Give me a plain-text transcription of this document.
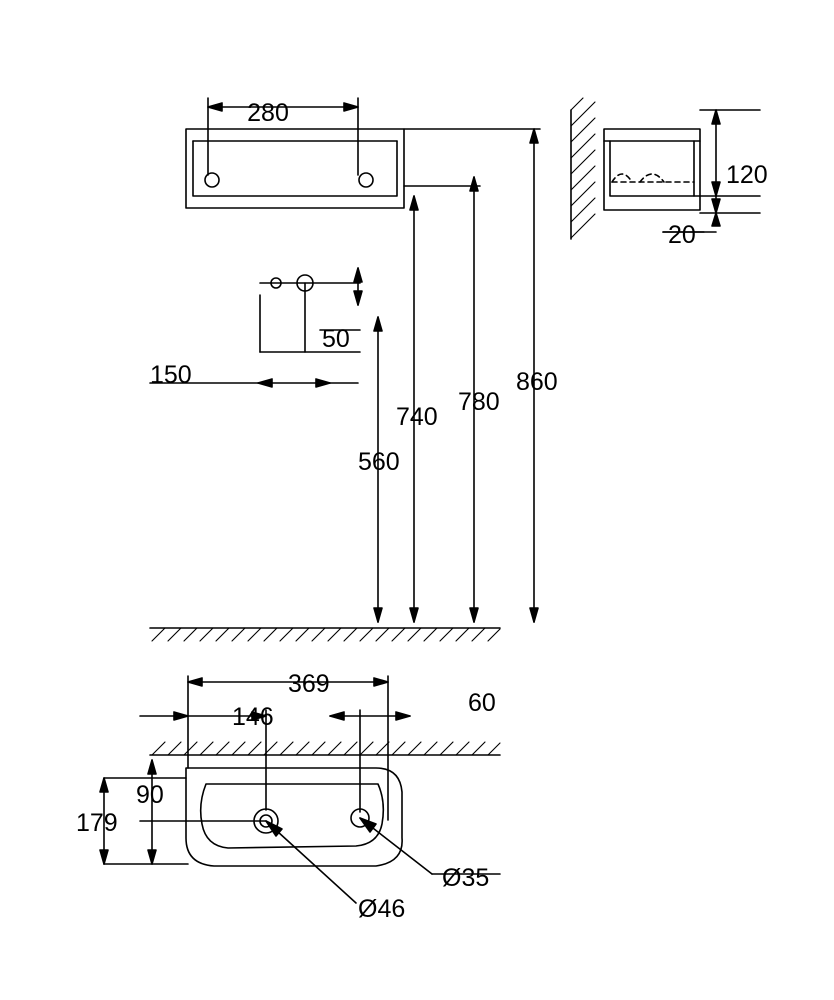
280
120
20
50
150
560
740
780
860
369
146	60
179
90
Ø46
Ø35
